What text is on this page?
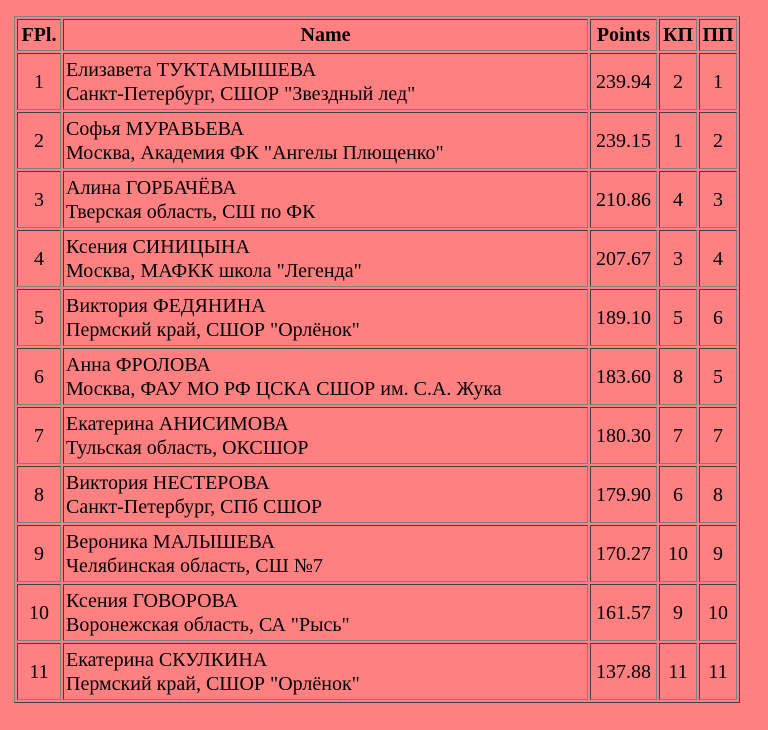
FPl.	Name	Points	КП	ПП
1	Елизавета ТУКТАМЫШЕВА
Санкт-Петербург, СШОР "Звездный лед"	239.94	2	1
2	Софья МУРАВЬЕВА
Москва, Академия ФК "Ангелы Плющенко"	239.15	1	2
3	Алина ГОРБАЧЁВА
Тверская область, СШ по ФК	210.86	4	3
4	Ксения СИНИЦЫНА
Москва, МАФКК школа "Легенда"	207.67	3	4
5	Виктория ФЕДЯНИНА
Пермский край, СШОР "Орлёнок"	189.10	5	6
6	Анна ФРОЛОВА
Москва, ФАУ МО РФ ЦСКА СШОР им. С.А. Жука	183.60	8	5
7	Екатерина АНИСИМОВА
Тульская область, ОКСШОР	180.30	7	7
8	Виктория НЕСТЕРОВА
Санкт-Петербург, СПб СШОР	179.90	6	8
9	Вероника МАЛЫШЕВА
Челябинская область, СШ №7	170.27	10	9
10	Ксения ГОВОРОВА
Воронежская область, СА "Рысь"	161.57	9	10
11	Екатерина СКУЛКИНА
Пермский край, СШОР "Орлёнок"	137.88	11	11
